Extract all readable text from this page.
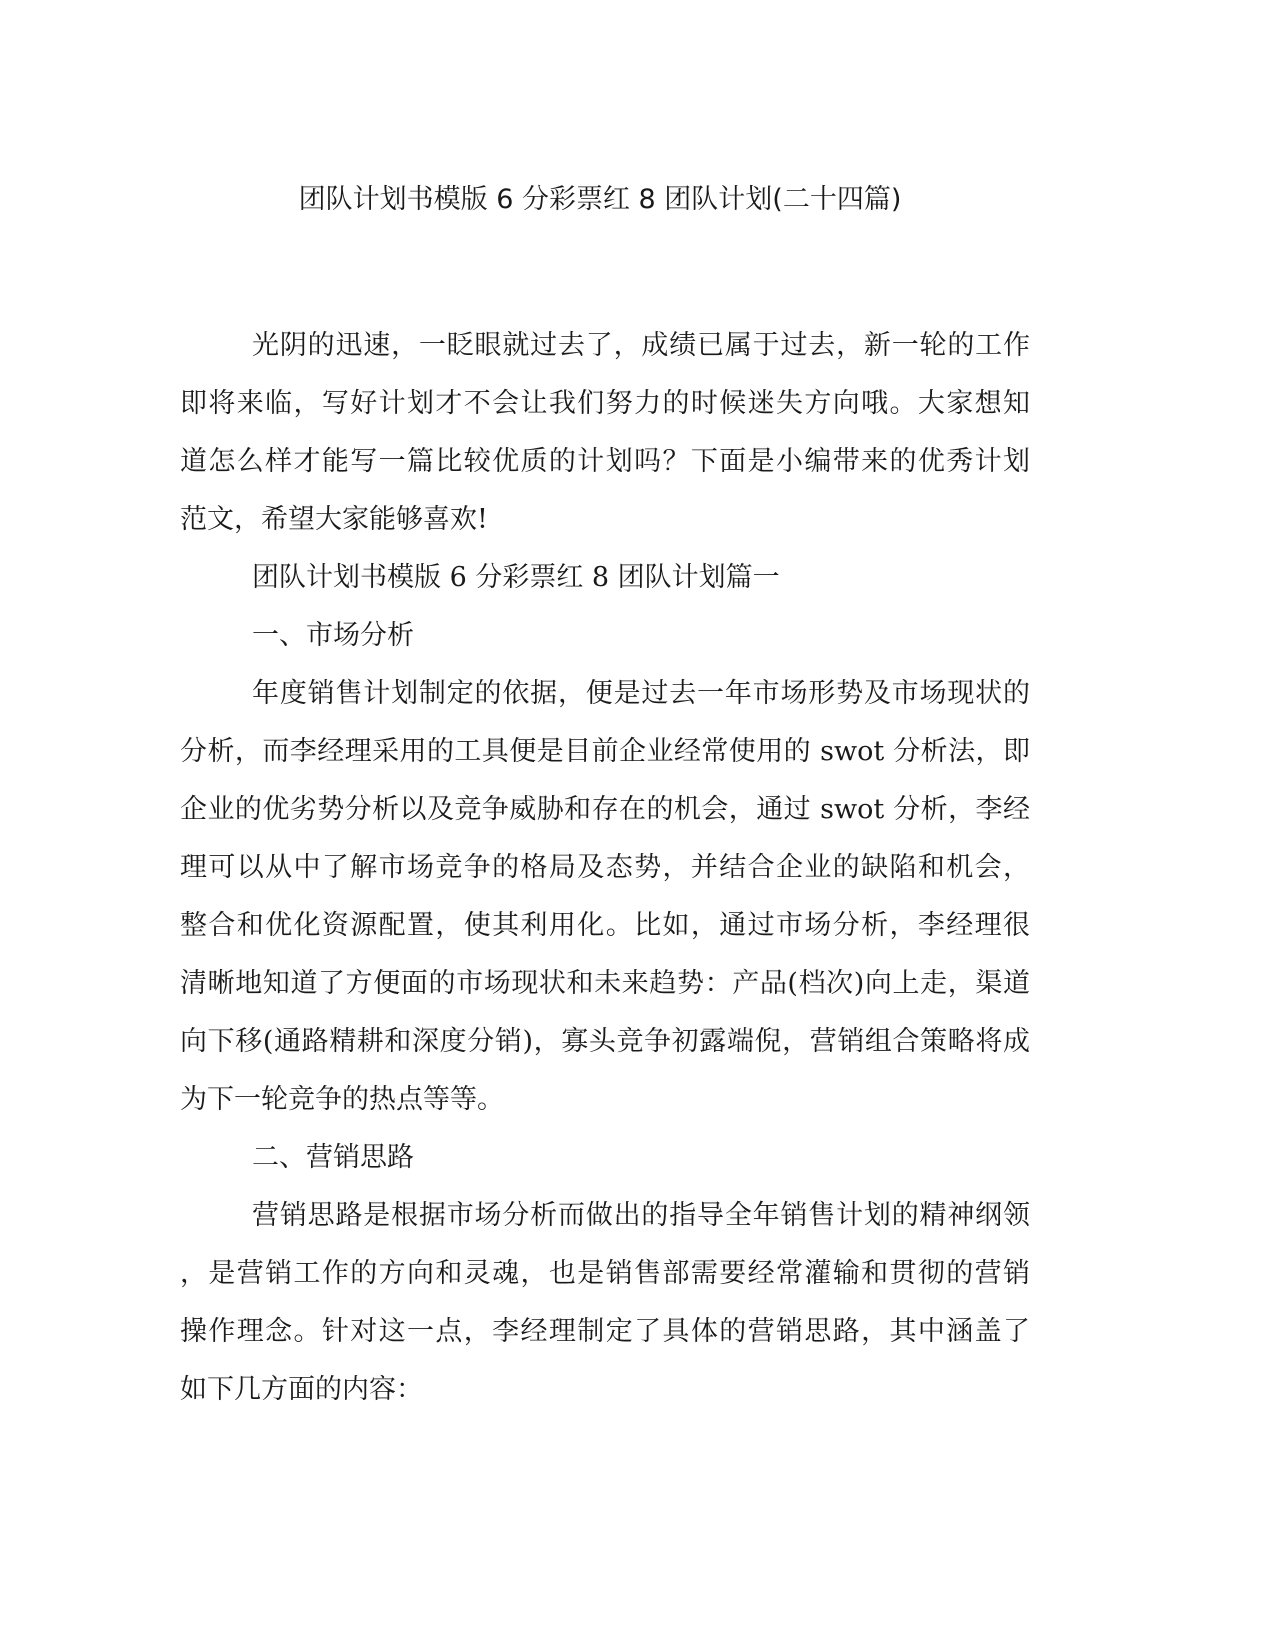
团队计划书模版 6 分彩票红 8 团队计划(二十四篇)
光阴的迅速，一眨眼就过去了，成绩已属于过去，新一轮的工作
即将来临，写好计划才不会让我们努力的时候迷失方向哦。大家想知
道怎么样才能写一篇比较优质的计划吗？下面是小编带来的优秀计划
范文，希望大家能够喜欢!
团队计划书模版 6 分彩票红 8 团队计划篇一
一、市场分析
年度销售计划制定的依据，便是过去一年市场形势及市场现状的
分析，而李经理采用的工具便是目前企业经常使用的 swot 分析法，即
企业的优劣势分析以及竞争威胁和存在的机会，通过 swot 分析，李经
理可以从中了解市场竞争的格局及态势，并结合企业的缺陷和机会，
整合和优化资源配置，使其利用化。比如，通过市场分析，李经理很
清晰地知道了方便面的市场现状和未来趋势：产品(档次)向上走，渠道
向下移(通路精耕和深度分销)，寡头竞争初露端倪，营销组合策略将成
为下一轮竞争的热点等等。
二、营销思路
营销思路是根据市场分析而做出的指导全年销售计划的精神纲领
，是营销工作的方向和灵魂，也是销售部需要经常灌输和贯彻的营销
操作理念。针对这一点，李经理制定了具体的营销思路，其中涵盖了
如下几方面的内容：
